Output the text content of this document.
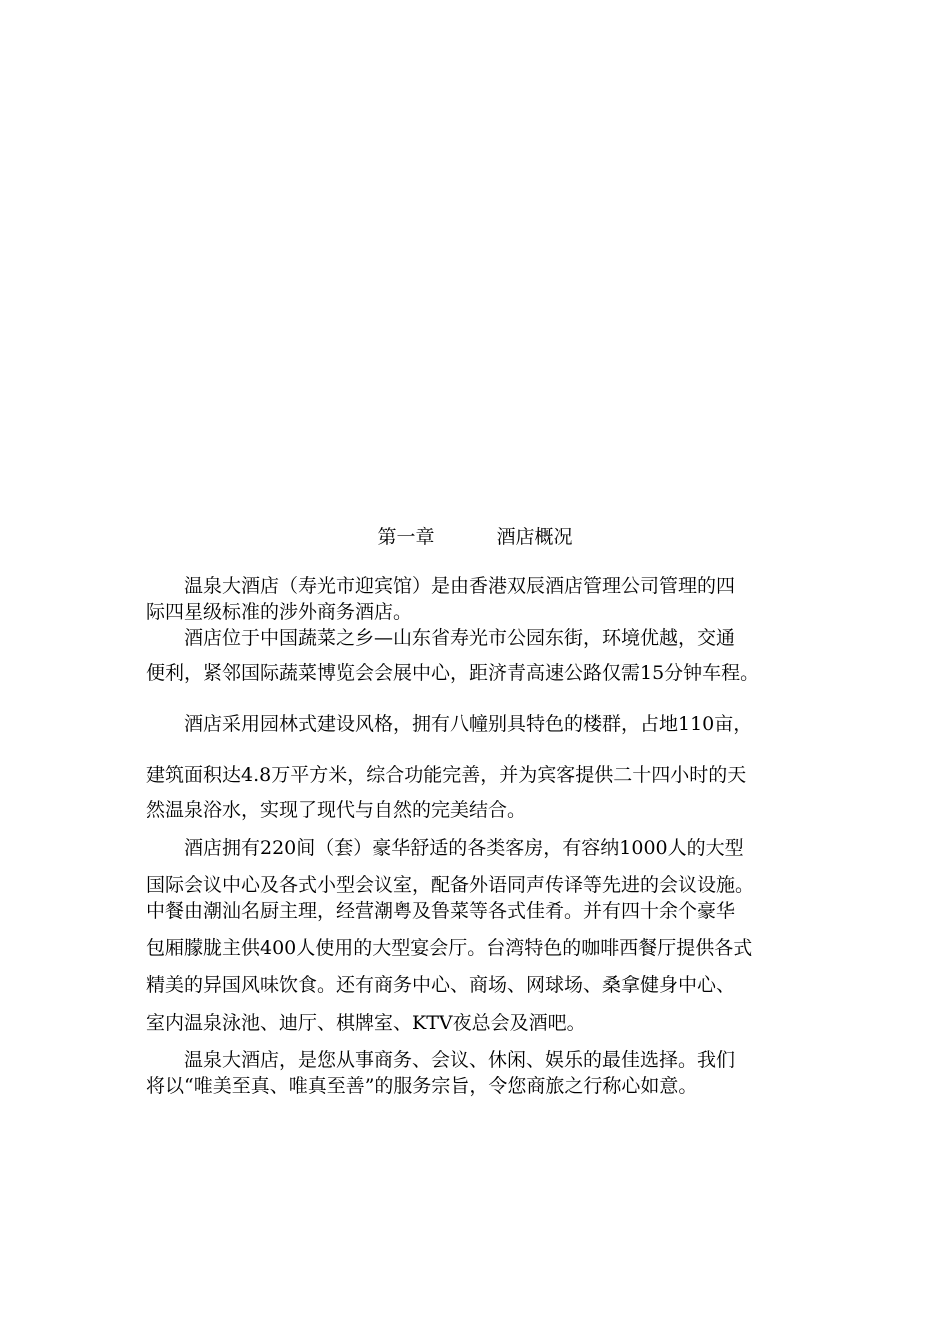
第一章	酒店概况
温泉大酒店（寿光市迎宾馆）是由香港双辰酒店管理公司管理的四
际四星级标准的涉外商务酒店。
酒店位于中国蔬菜之乡—山东省寿光市公园东街，环境优越，交通
便利，紧邻国际蔬菜博览会会展中心，距济青高速公路仅需15分钟车程。
酒店采用园林式建设风格，拥有八幢别具特色的楼群，占地110亩，
建筑面积达4.8万平方米，综合功能完善，并为宾客提供二十四小时的天
然温泉浴水，实现了现代与自然的完美结合。
酒店拥有220间（套）豪华舒适的各类客房，有容纳1000人的大型
国际会议中心及各式小型会议室，配备外语同声传译等先进的会议设施。
中餐由潮汕名厨主理，经营潮粤及鲁菜等各式佳肴。并有四十余个豪华
包厢朦胧主供400人使用的大型宴会厅。台湾特色的咖啡西餐厅提供各式
精美的异国风味饮食。还有商务中心、商场、网球场、桑拿健身中心、
室内温泉泳池、迪厅、棋牌室、KTV夜总会及酒吧。
温泉大酒店，是您从事商务、会议、休闲、娱乐的最佳选择。我们
将以“唯美至真、唯真至善”的服务宗旨，令您商旅之行称心如意。
